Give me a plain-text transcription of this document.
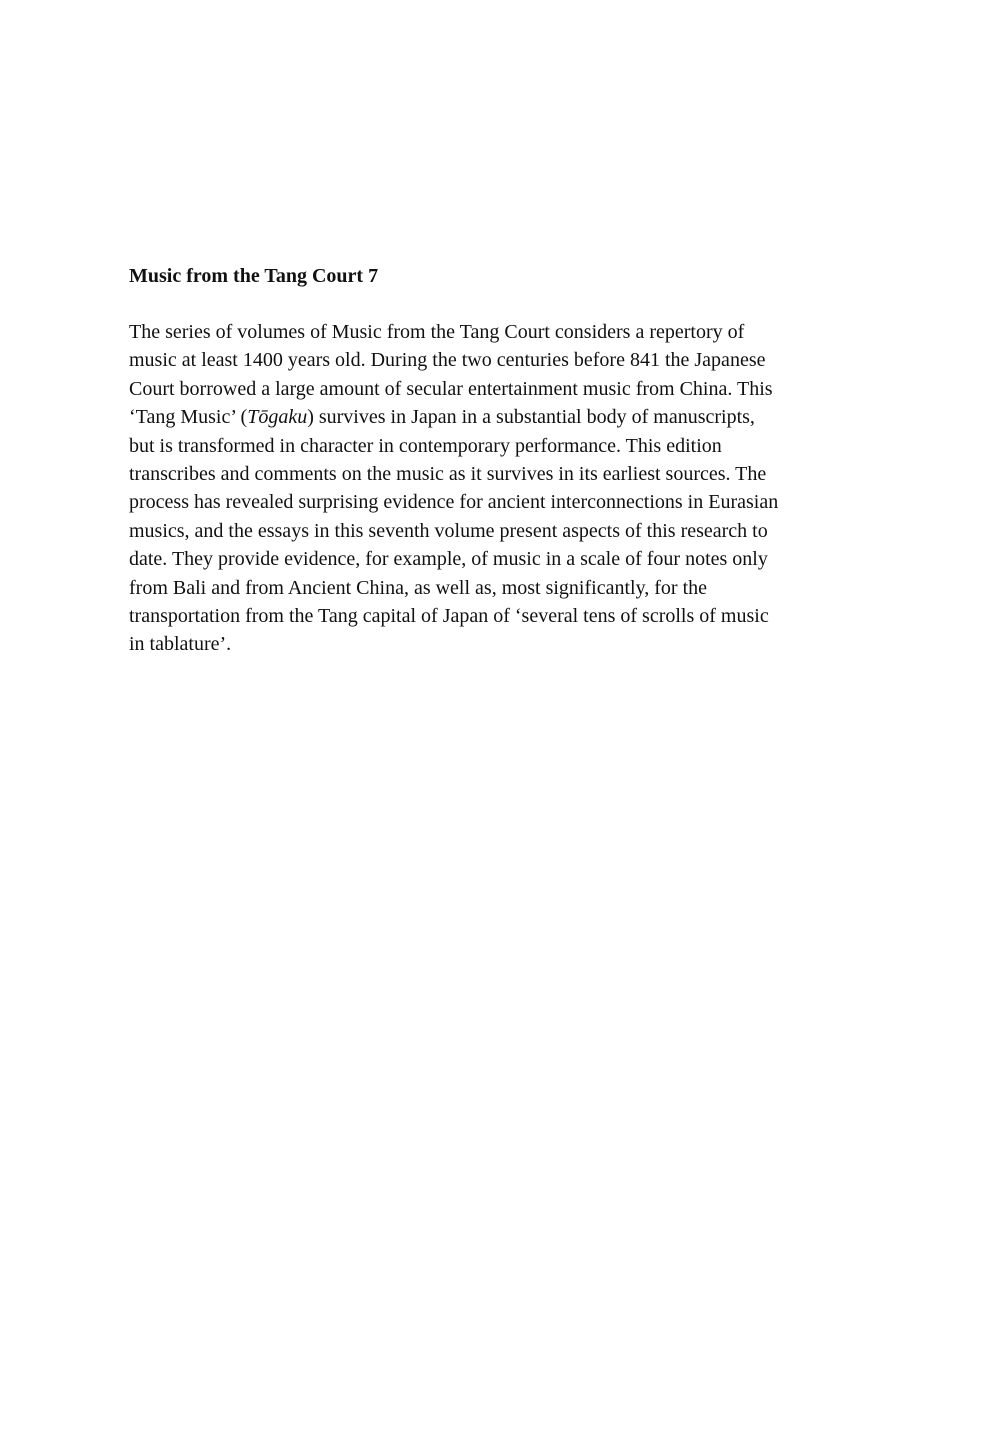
Music from the Tang Court 7

The series of volumes of Music from the Tang Court considers a repertory of
music at least 1400 years old. During the two centuries before 841 the Japanese
Court borrowed a large amount of secular entertainment music from China. This
‘Tang Music’ (Tōgaku) survives in Japan in a substantial body of manuscripts,
but is transformed in character in contemporary performance. This edition
transcribes and comments on the music as it survives in its earliest sources. The
process has revealed surprising evidence for ancient interconnections in Eurasian
musics, and the essays in this seventh volume present aspects of this research to
date. They provide evidence, for example, of music in a scale of four notes only
from Bali and from Ancient China, as well as, most significantly, for the
transportation from the Tang capital of Japan of ‘several tens of scrolls of music
in tablature’.
